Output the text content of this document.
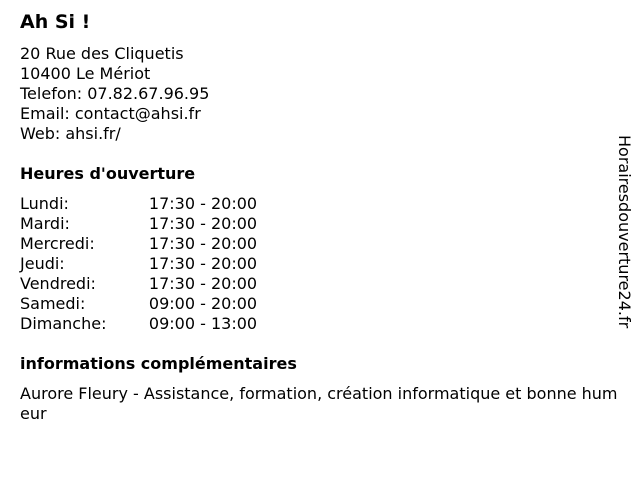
Ah Si !
20 Rue des Cliquetis
10400 Le Mériot
Telefon: 07.82.67.96.95
Email: contact@ahsi.fr
Web: ahsi.fr/
Heures d'ouverture
Lundi:	17:30 - 20:00
Mardi:	17:30 - 20:00
Mercredi:	17:30 - 20:00
Jeudi:	17:30 - 20:00
Vendredi:	17:30 - 20:00
Samedi:	09:00 - 20:00
Dimanche:	09:00 - 13:00
informations complémentaires
Aurore Fleury - Assistance, formation, création informatique et bonne humeur
Horairesdouverture24.fr
